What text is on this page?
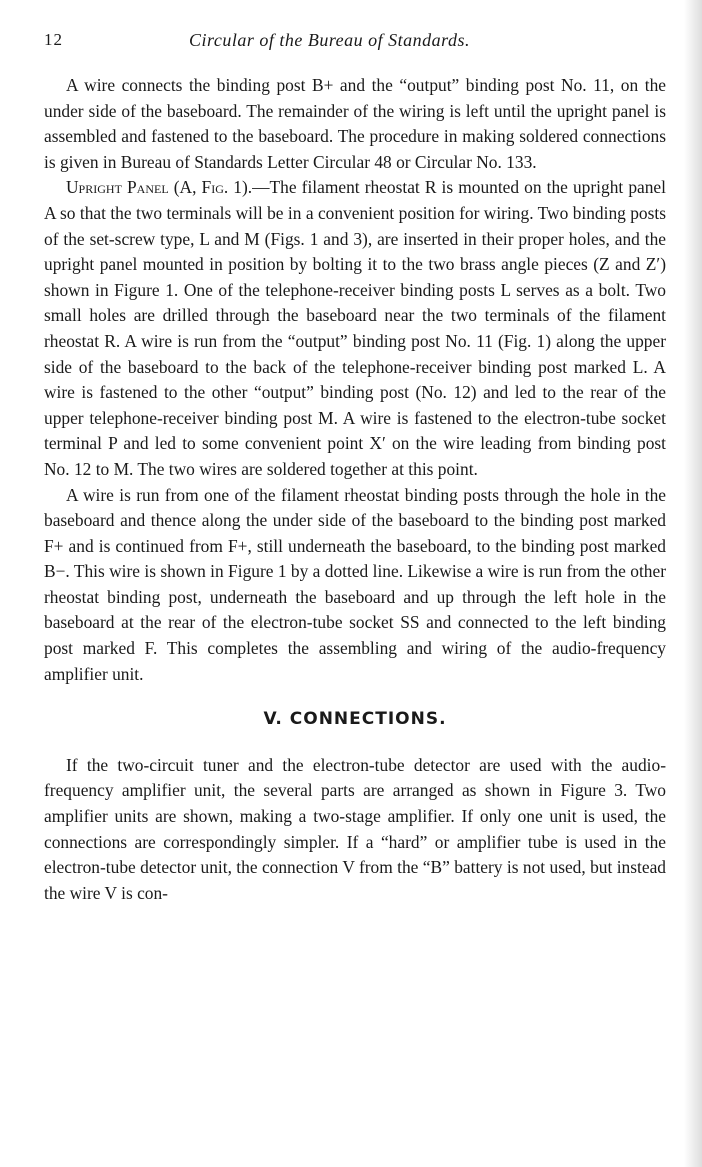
12	Circular of the Bureau of Standards.

A wire connects the binding post B+ and the “output” binding post No. 11, on the under side of the baseboard. The remainder of the wiring is left until the upright panel is assembled and fastened to the baseboard. The procedure in making soldered connections is given in Bureau of Standards Letter Circular 48 or Circular No. 133.

Upright Panel (A, Fig. 1).—The filament rheostat R is mounted on the upright panel A so that the two terminals will be in a convenient position for wiring. Two binding posts of the set-screw type, L and M (Figs. 1 and 3), are inserted in their proper holes, and the upright panel mounted in position by bolting it to the two brass angle pieces (Z and Z′) shown in Figure 1. One of the telephone-receiver binding posts L serves as a bolt. Two small holes are drilled through the baseboard near the two terminals of the filament rheostat R. A wire is run from the “output” binding post No. 11 (Fig. 1) along the upper side of the baseboard to the back of the telephone-receiver binding post marked L. A wire is fastened to the other “output” binding post (No. 12) and led to the rear of the upper telephone-receiver binding post M. A wire is fastened to the electron-tube socket terminal P and led to some convenient point X′ on the wire leading from binding post No. 12 to M. The two wires are soldered together at this point.

A wire is run from one of the filament rheostat binding posts through the hole in the baseboard and thence along the under side of the baseboard to the binding post marked F+ and is continued from F+, still underneath the baseboard, to the binding post marked B−. This wire is shown in Figure 1 by a dotted line. Likewise a wire is run from the other rheostat binding post, underneath the baseboard and up through the left hole in the baseboard at the rear of the electron-tube socket SS and connected to the left binding post marked F. This completes the assembling and wiring of the audio-frequency amplifier unit.

V. CONNECTIONS.

If the two-circuit tuner and the electron-tube detector are used with the audio-frequency amplifier unit, the several parts are arranged as shown in Figure 3. Two amplifier units are shown, making a two-stage amplifier. If only one unit is used, the connections are correspondingly simpler. If a “hard” or amplifier tube is used in the electron-tube detector unit, the connection V from the “B” battery is not used, but instead the wire V is con-
